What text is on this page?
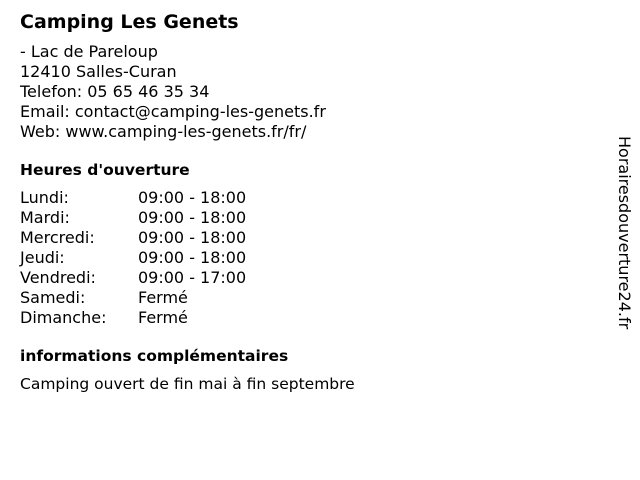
Camping Les Genets
- Lac de Pareloup
12410 Salles-Curan
Telefon: 05 65 46 35 34
Email: contact@camping-les-genets.fr
Web: www.camping-les-genets.fr/fr/
Heures d'ouverture
Lundi:	09:00 - 18:00
Mardi:	09:00 - 18:00
Mercredi:	09:00 - 18:00
Jeudi:	09:00 - 18:00
Vendredi:	09:00 - 17:00
Samedi:	Fermé
Dimanche:	Fermé
informations complémentaires
Camping ouvert de fin mai à fin septembre
Horairesdouverture24.fr
